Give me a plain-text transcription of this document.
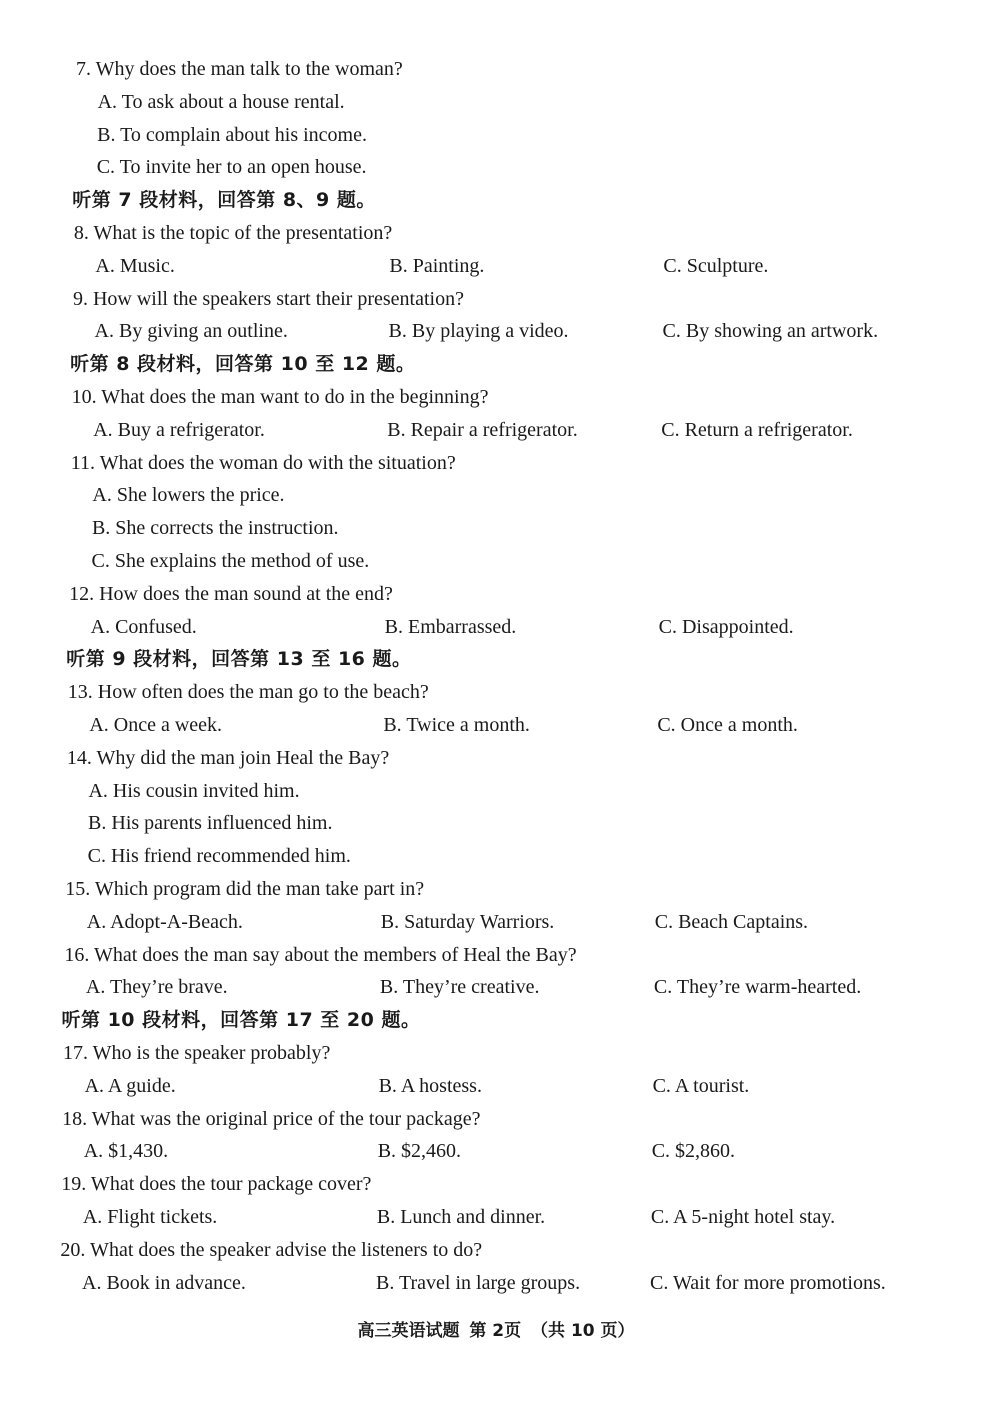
7. Why does the man talk to the woman?
A. To ask about a house rental.
B. To complain about his income.
C. To invite her to an open house.
听第 7 段材料，回答第 8、9 题。
8. What is the topic of the presentation?
A. Music.	B. Painting.	C. Sculpture.
9. How will the speakers start their presentation?
A. By giving an outline.	B. By playing a video.	C. By showing an artwork.
听第 8 段材料，回答第 10 至 12 题。
10. What does the man want to do in the beginning?
A. Buy a refrigerator.	B. Repair a refrigerator.	C. Return a refrigerator.
11. What does the woman do with the situation?
A. She lowers the price.
B. She corrects the instruction.
C. She explains the method of use.
12. How does the man sound at the end?
A. Confused.	B. Embarrassed.	C. Disappointed.
听第 9 段材料，回答第 13 至 16 题。
13. How often does the man go to the beach?
A. Once a week.	B. Twice a month.	C. Once a month.
14. Why did the man join Heal the Bay?
A. His cousin invited him.
B. His parents influenced him.
C. His friend recommended him.
15. Which program did the man take part in?
A. Adopt-A-Beach.	B. Saturday Warriors.	C. Beach Captains.
16. What does the man say about the members of Heal the Bay?
A. They’re brave.	B. They’re creative.	C. They’re warm-hearted.
听第 10 段材料，回答第 17 至 20 题。
17. Who is the speaker probably?
A. A guide.	B. A hostess.	C. A tourist.
18. What was the original price of the tour package?
A. $1,430.	B. $2,460.	C. $2,860.
19. What does the tour package cover?
A. Flight tickets.	B. Lunch and dinner.	C. A 5-night hotel stay.
20. What does the speaker advise the listeners to do?
A. Book in advance.	B. Travel in large groups.	C. Wait for more promotions.
高三英语试题 第 2页 （共 10 页）
